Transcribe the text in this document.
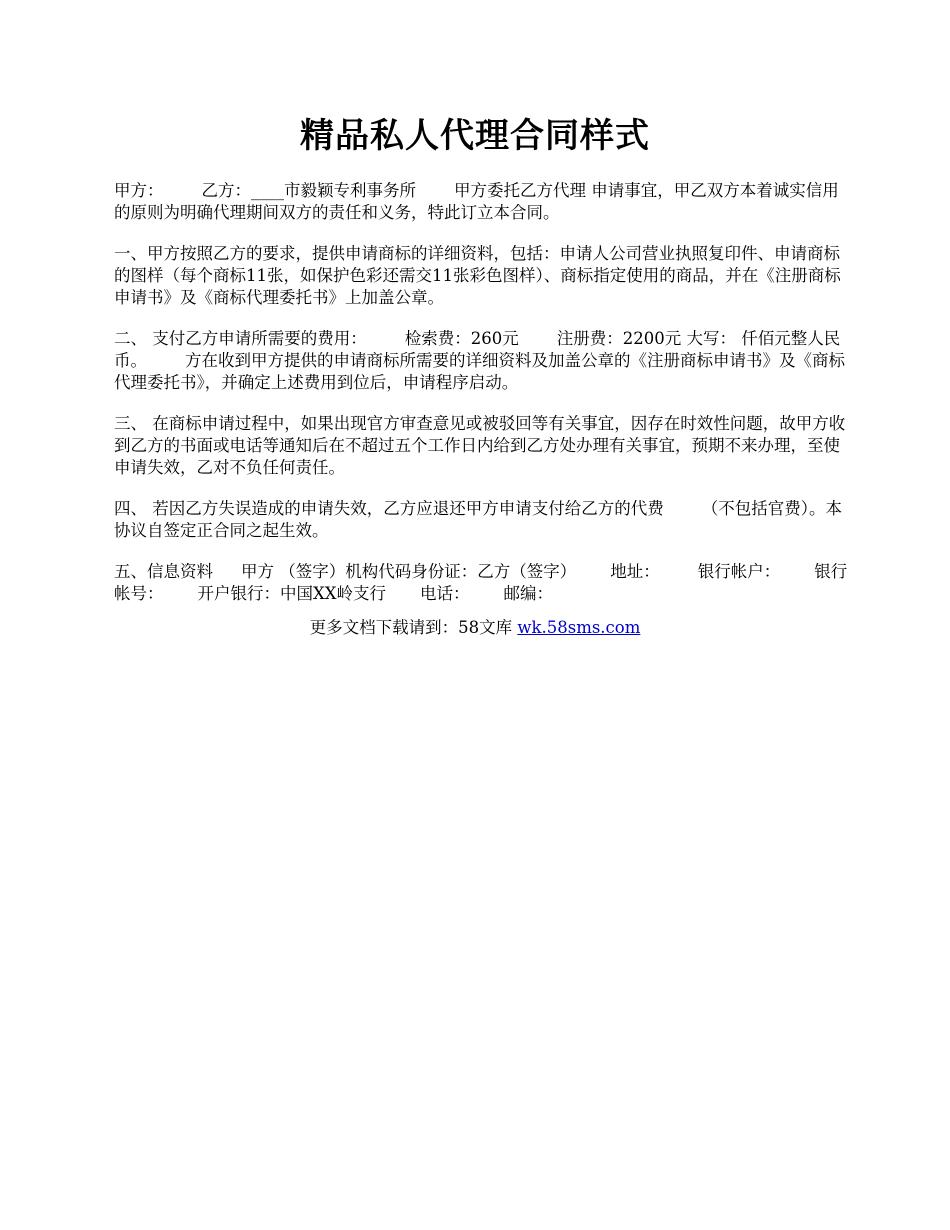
精品私人代理合同样式

甲方： 乙方：____市毅颖专利事务所 甲方委托乙方代理 申请事宜，甲乙双方本着诚实信用的原则为明确代理期间双方的责任和义务，特此订立本合同。

一、甲方按照乙方的要求，提供申请商标的详细资料，包括：申请人公司营业执照复印件、申请商标的图样（每个商标11张，如保护色彩还需交11张彩色图样）、商标指定使用的商品，并在《注册商标申请书》及《商标代理委托书》上加盖公章。

二、 支付乙方申请所需要的费用： 检索费：260元 注册费：2200元 大写： 仟佰元整人民币。 方在收到甲方提供的申请商标所需要的详细资料及加盖公章的《注册商标申请书》及《商标代理委托书》，并确定上述费用到位后，申请程序启动。

三、 在商标申请过程中，如果出现官方审查意见或被驳回等有关事宜，因存在时效性问题，故甲方收到乙方的书面或电话等通知后在不超过五个工作日内给到乙方处办理有关事宜，预期不来办理，至使申请失效，乙对不负任何责任。

四、 若因乙方失误造成的申请失效，乙方应退还甲方申请支付给乙方的代费 （不包括官费）。本协议自签定正合同之起生效。

五、信息资料 甲方 （签字）机构代码身份证：乙方（签字） 地址： 银行帐户： 银行帐号： 开户银行：中国XX岭支行 电话： 邮编：

更多文档下载请到：58文库 wk.58sms.com
